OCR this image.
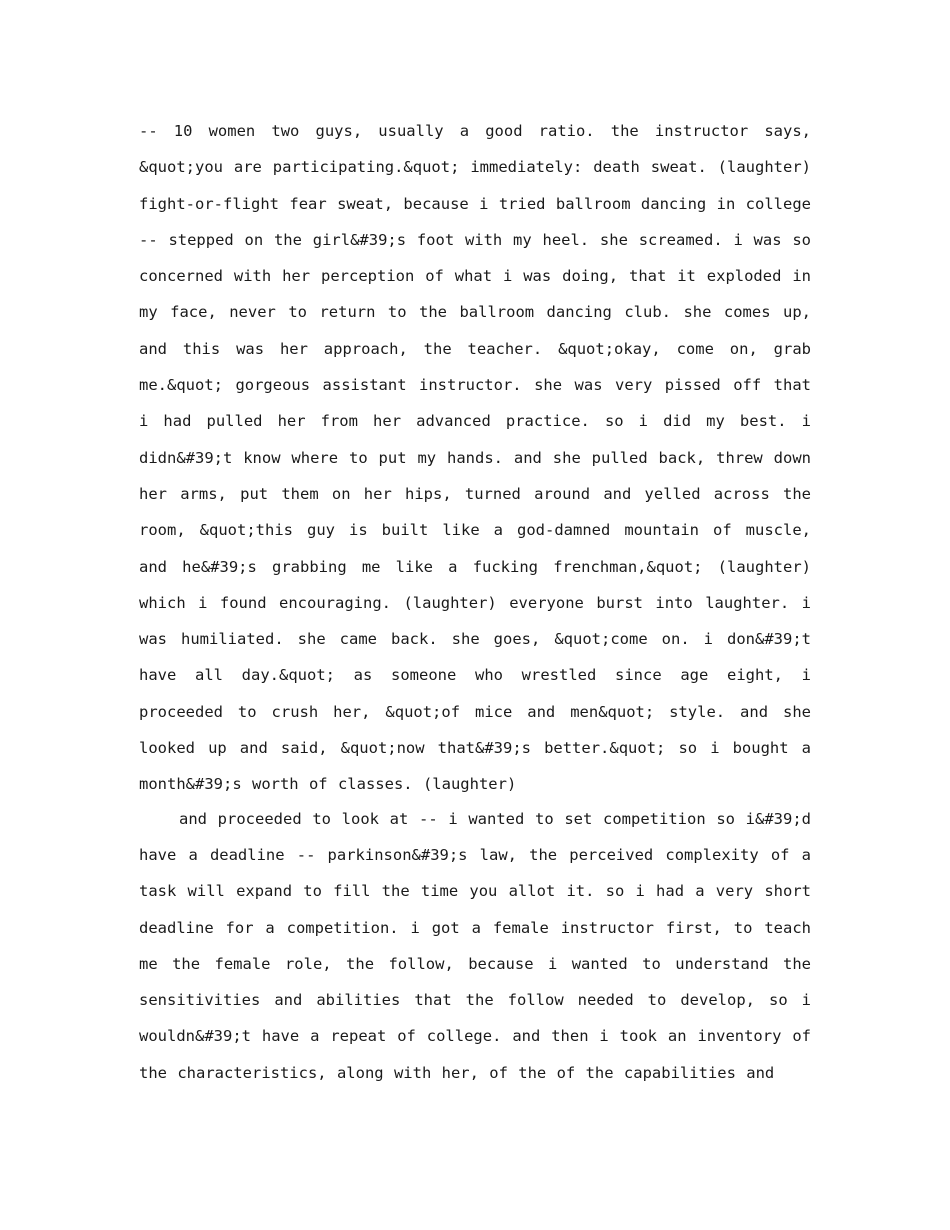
-- 10 women two guys, usually a good ratio. the instructor says, &quot;you are participating.&quot; immediately: death sweat. (laughter) fight-or-flight fear sweat, because i tried ballroom dancing in college -- stepped on the girl&#39;s foot with my heel. she screamed. i was so concerned with her perception of what i was doing, that it exploded in my face, never to return to the ballroom dancing club. she comes up, and this was her approach, the teacher. &quot;okay, come on, grab me.&quot; gorgeous assistant instructor. she was very pissed off that i had pulled her from her advanced practice. so i did my best. i didn&#39;t know where to put my hands. and she pulled back, threw down her arms, put them on her hips, turned around and yelled across the room, &quot;this guy is built like a god-damned mountain of muscle, and he&#39;s grabbing me like a fucking frenchman,&quot; (laughter) which i found encouraging. (laughter) everyone burst into laughter. i was humiliated. she came back. she goes, &quot;come on. i don&#39;t have all day.&quot; as someone who wrestled since age eight, i proceeded to crush her, &quot;of mice and men&quot; style. and she looked up and said, &quot;now that&#39;s better.&quot; so i bought a month&#39;s worth of classes. (laughter)

and proceeded to look at -- i wanted to set competition so i&#39;d have a deadline -- parkinson&#39;s law, the perceived complexity of a task will expand to fill the time you allot it. so i had a very short deadline for a competition. i got a female instructor first, to teach me the female role, the follow, because i wanted to understand the sensitivities and abilities that the follow needed to develop, so i wouldn&#39;t have a repeat of college. and then i took an inventory of the characteristics, along with her, of the of the capabilities and
